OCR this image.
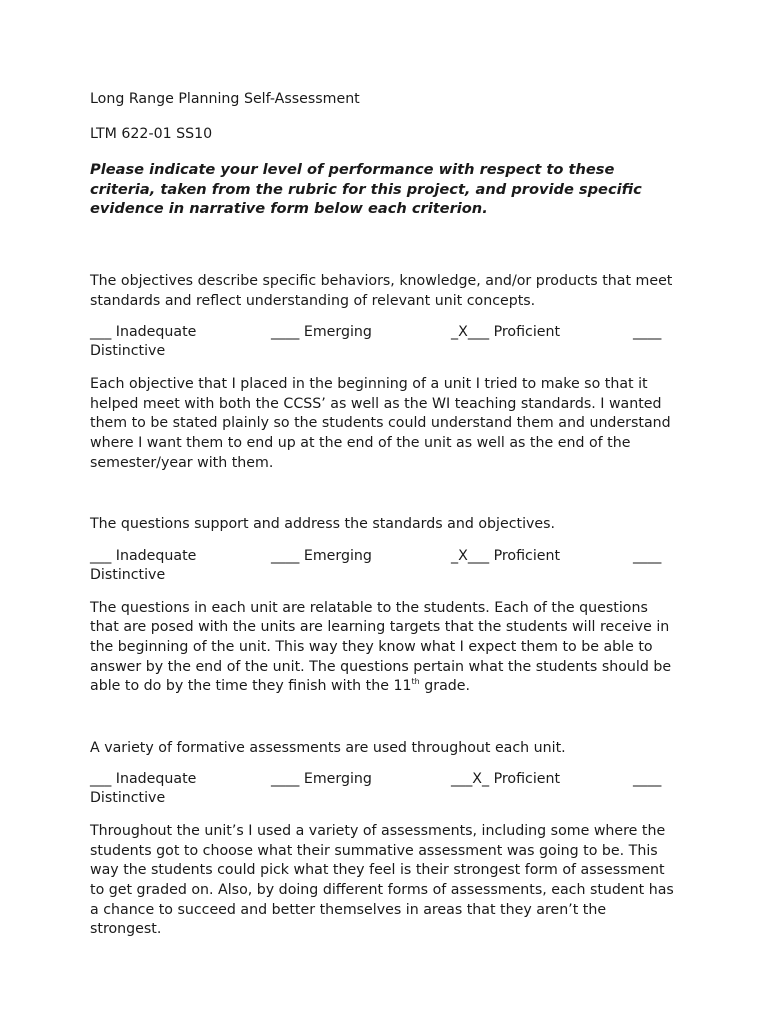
Long Range Planning Self-Assessment

LTM 622-01 SS10

Please indicate your level of performance with respect to these criteria, taken from the rubric for this project, and provide specific evidence in narrative form below each criterion.

The objectives describe specific behaviors, knowledge, and/or products that meet standards and reflect understanding of relevant unit concepts.

___ Inadequate	____ Emerging	_X___ Proficient	____
Distinctive

Each objective that I placed in the beginning of a unit I tried to make so that it helped meet with both the CCSS’ as well as the WI teaching standards. I wanted them to be stated plainly so the students could understand them and understand where I want them to end up at the end of the unit as well as the end of the semester/year with them.

The questions support and address the standards and objectives.

___ Inadequate	____ Emerging	_X___ Proficient	____
Distinctive

The questions in each unit are relatable to the students. Each of the questions that are posed with the units are learning targets that the students will receive in the beginning of the unit. This way they know what I expect them to be able to answer by the end of the unit. The questions pertain what the students should be able to do by the time they finish with the 11th grade.

A variety of formative assessments are used throughout each unit.

___ Inadequate	____ Emerging	___X_ Proficient	____
Distinctive

Throughout the unit’s I used a variety of assessments, including some where the students got to choose what their summative assessment was going to be. This way the students could pick what they feel is their strongest form of assessment to get graded on. Also, by doing different forms of assessments, each student has a chance to succeed and better themselves in areas that they aren’t the strongest.
